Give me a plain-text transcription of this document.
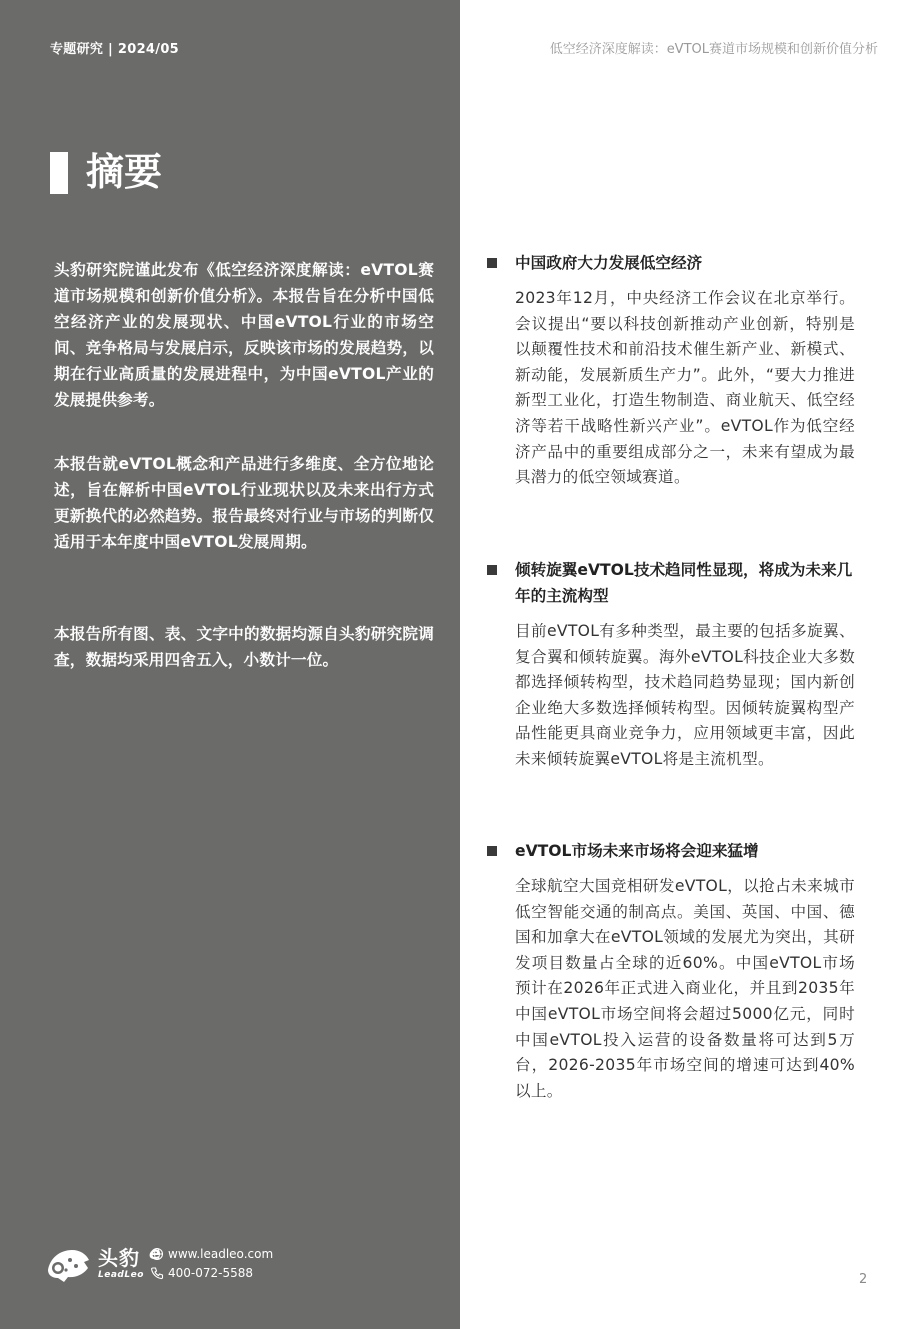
专题研究 | 2024/05	低空经济深度解读：eVTOL赛道市场规模和创新价值分析
摘要
头豹研究院谨此发布《低空经济深度解读：eVTOL赛道市场规模和创新价值分析》。本报告旨在分析中国低空经济产业的发展现状、中国eVTOL行业的市场空间、竞争格局与发展启示，反映该市场的发展趋势，以期在行业高质量的发展进程中，为中国eVTOL产业的发展提供参考。
本报告就eVTOL概念和产品进行多维度、全方位地论述，旨在解析中国eVTOL行业现状以及未来出行方式更新换代的必然趋势。报告最终对行业与市场的判断仅适用于本年度中国eVTOL发展周期。
本报告所有图、表、文字中的数据均源自头豹研究院调查，数据均采用四舍五入，小数计一位。
中国政府大力发展低空经济
2023年12月，中央经济工作会议在北京举行。会议提出“要以科技创新推动产业创新，特别是以颠覆性技术和前沿技术催生新产业、新模式、新动能，发展新质生产力”。此外，“要大力推进新型工业化，打造生物制造、商业航天、低空经济等若干战略性新兴产业”。eVTOL作为低空经济产品中的重要组成部分之一，未来有望成为最具潜力的低空领域赛道。
倾转旋翼eVTOL技术趋同性显现，将成为未来几年的主流构型
目前eVTOL有多种类型，最主要的包括多旋翼、复合翼和倾转旋翼。海外eVTOL科技企业大多数都选择倾转构型，技术趋同趋势显现；国内新创企业绝大多数选择倾转构型。因倾转旋翼构型产品性能更具商业竞争力，应用领域更丰富，因此未来倾转旋翼eVTOL将是主流机型。
eVTOL市场未来市场将会迎来猛增
全球航空大国竞相研发eVTOL，以抢占未来城市低空智能交通的制高点。美国、英国、中国、德国和加拿大在eVTOL领域的发展尤为突出，其研发项目数量占全球的近60%。中国eVTOL市场预计在2026年正式进入商业化，并且到2035年中国eVTOL市场空间将会超过5000亿元，同时中国eVTOL投入运营的设备数量将可达到5万台，2026-2035年市场空间的增速可达到40%以上。
头豹 e
LeadLeo
www.leadleo.com
400-072-5588	2
